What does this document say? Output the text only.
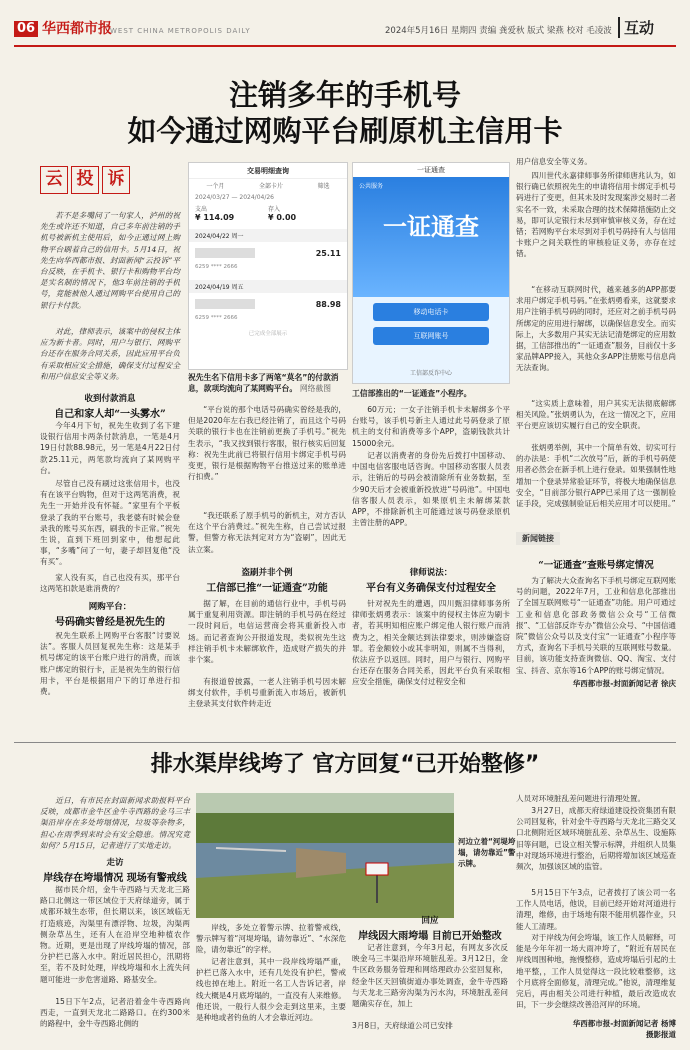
06 华西都市报
WEST CHINA METROPOLIS DAILY	2024年5月16日 星期四 责编 龚爱秋 版式 梁燕 校对 毛凌波 互动
注销多年的手机号
如今通过网购平台刷原机主信用卡
云 投 诉
若不是多嘴问了一句家人，泸州的祝先生或许还不知道，自己多年前注销的手机号被新机主使用后，如今正通过网上购物平台刷着自己的信用卡。5月14日，祝先生向华西都市报、封面新闻“云投诉”平台反映，在手机卡、银行卡和购物平台均是实名制的情况下，他3年前注销的手机号，竟能被他人通过网购平台使用自己的银行卡付款。
对此，律师表示，该案中的侵权主体应为新卡者。同时，用户与银行、网购平台还存在服务合同关系，因此应用平台负有采取相应安全措施，确保支付过程安全和用户信息安全等义务。
收到付款消息
自己和家人却“一头雾水”
今年4月下旬，祝先生收到了名下建设银行信用卡两条付款消息，一笔是4月19日付款88.98元，另一笔是4月22日付款25.11元，两笔款均流向了某网购平台。
尽管自己没有刷过这张信用卡，也没有在该平台购物，但对于这两笔消费，祝先生一开始并没有怀疑。“家里有个平板登录了我的平台账号，我老婆有时候会登录我的账号买东西，刷我的卡正常。”祝先生说，直到下班回到家中，他想起此事，“多嘴”问了一句，妻子却回复他“没有买”。
家人没有买，自己也没有买，那平台这两笔扣款是谁消费的？
网购平台：
号码确实曾经是祝先生的
祝先生联系上网购平台客服“讨要说法”。客服人员回复祝先生称：这是某手机号绑定的该平台账户进行的消费，而该账户绑定的银行卡，正是祝先生的银行信用卡，平台是根据用户下的订单进行扣费。
交易明细查询
一个月	全部卡片	筛选
2024/03/27 — 2024/04/26
支出
¥ 114.09
存入
¥ 0.00
2024/04/22 周一
25.11
6259 **** 2666
2024/04/19 周五
88.98
6259 **** 2666
已完成全部展示
祝先生名下信用卡多了两笔“莫名”的付款消息，款项均流向了某网购平台。 网络截图
一证通查
公共服务
一证通查
移动电话卡
互联网账号
工信部反诈中心
工信部推出的“一证通查”小程序。
“平台说的那个电话号码确实曾经是我的，但是2020年左右我已经注销了，而且这个号码关联的银行卡也在注销前更换了手机号。”祝先生表示，“我又找到银行客服，银行核实后回复称：祝先生此前已将银行信用卡绑定手机号码变更，银行是根据购物平台推送过来的账单进行扣费。”
“我还联系了原手机号的新机主，对方否认在这个平台消费过。”祝先生称，自己尝试过报警，但警方称无法判定对方为“盗刷”，因此无法立案。
盗刷并非个例
工信部已推“一证通查”功能
据了解，在目前的通信行业中，手机号码属于重复利用资源。即注销的手机号码在经过一段时间后，电信运营商会将其重新投入市场。而记者查询公开报道发现，类似祝先生这样注销手机卡未解绑软件，造成财产损失的并非个案。
有报道曾披露，一老人注销手机号因未解绑支付软件，手机号重新流入市场后，被新机主登录其支付软件转走近
60万元；一女子注销手机卡未解绑多个平台账号，该手机号新主人通过此号码登录了原机主的支付和消费等多个APP，盗刷钱款共计15000余元。
记者以消费者的身份先后拨打中国移动、中国电信客服电话咨询。中国移动客服人员表示，注销后的号码会被清除所有业务数据，至少90天后才会被重新投放进“号码池”。中国电信客服人员表示，如果原机主未解绑某款APP，不排除新机主可能通过该号码登录原机主曾注册的APP。
律师说法：
平台有义务确保支付过程安全
针对祝先生的遭遇，四川甄汨律师事务所律师张炳勇表示：该案中的侵权主体应为刷卡者，若其明知相应账户绑定他人银行账户而消费为之，相关金额达到法律要求，则涉嫌盗窃罪。若金额较小或其非明知，则属不当得利，依法应予以返回。同时，用户与银行、网购平台还存在服务合同关系，因此平台负有采取相应安全措施，确保支付过程安全和
用户信息安全等义务。
四川世代永嘉律师事务所律师唐兆认为，如银行确已依照祝先生的申请将信用卡绑定手机号码进行了变更，但其未及时发现案涉交易时二者实名不一致，未采取合理的技术保障措施防止交易，即可认定银行未尽到审慎审核义务，存在过错；若网购平台未尽到对手机号码持有人与信用卡账户之间关联性的审核验证义务，亦存在过错。
“在移动互联网时代，越来越多的APP都要求用户绑定手机号码。”在张炳勇看来，这就要求用户注销手机号码的同时，还应对之前手机号码所绑定的应用进行解绑，以确保信息安全。而实际上，大多数用户其实无法记清楚绑定的应用数据，工信部推出的“一证通查”服务，目前仅十多家品牌APP接入，其他众多APP注册账号信息尚无法查询。
“这实质上意味着，用户其实无法彻底解绑相关风险。”张炳勇认为，在这一情况之下，应用平台更应该切实履行自己的安全职责。
张炳勇举例，其中一个简单有效、切实可行的办法是：手机“二次放号”后，新的手机号码使用者必然会在新手机上进行登录。如果强制性地增加一个登录异常验证环节，将极大地确保信息安全，“目前部分银行APP已采用了这一强制验证手段，完成强制验证后相关应用才可以使用。”
新闻链接
“一证通查”查账号绑定情况
为了解决大众查询名下手机号绑定互联网账号的问题，2022年7月，工业和信息化部推出了全国互联网账号“一证通查”功能。用户可通过工业和信息化部政务微信公众号“工信微报”、“工信部反诈专办”微信公众号、“中国信通院”微信公众号以及支付宝“一证通查”小程序等方式，查询名下手机号关联的互联网账号数量。目前，该功能支持查询微信、QQ、淘宝、支付宝、抖音、京东等16个APP的账号绑定情况。
华西都市报-封面新闻记者 徐庆
排水渠岸线垮了 官方回复“已开始整修”
近日，有市民在封面新闻求助报料平台反映，成都市金牛区金牛寺西路的金马三丰渠沿岸存在多处垮塌情况，垃圾等杂物多，担心在雨季到来时会有安全隐患。情况究竟如何？5月15日，记者进行了实地走访。
走访
岸线存在垮塌情况 现场有警戒线
据市民介绍，金牛寺西路与天龙北三路路口北侧这一带区域位于天府绿道旁，属于成都环城生态带，但长期以来，该区域临无打造痕迹，沟渠里有漂浮物、垃圾，沟渠两侧杂草丛生，还有人在沿岸空地种植农作物。近期，更是出现了岸线垮塌的情况，部分护栏已落入水中。附近居民担心，汛期将至，若不及时处理，岸线垮塌和水上流失问题可能进一步危害道路、路基安全。
15日下午2点，记者沿着金牛寺西路向西走，一直到天龙北二路路口。在约300米的路程中，金牛寺西路北侧的
河边立着“河堤垮塌，请勿靠近”警示牌。
岸线，多处立着警示牌、拉着警戒线，警示牌写着“河堤垮塌，请勿靠近”、“水深危险，请勿靠近”的字样。
记者注意到，其中一段岸线垮塌严重，护栏已落入水中，还有几处没有护栏，警戒线也掉在地上。附近一名工人告诉记者，岸线大概是4月底垮塌的，一直没有人来维修。他还说，一般行人很少会走到这里来，主要是种地或者钓鱼的人才会靠近河边。
回应
岸线因大雨垮塌 目前已开始整改
记者注意到，今年3月起，有网友多次反映金马三丰渠沿岸环境脏乱差。3月12日，金牛区政务服务管理和网络理政办公室回复称，经金牛区天回镇街道办事处调查，金牛寺西路与天龙北三路旁沟渠为污水沟，环境脏乱差问题确实存在，加上
3月8日，天府绿道公司已安排
人员对环境脏乱差问题进行清理处置。
3月27日，成都天府绿道建设投资集团有限公司回复称，针对金牛寺西路与天龙北三路交叉口北侧附近区域环境脏乱差、杂草丛生、设施陈旧等问题，已设立相关警示标牌，并组织人员集中对现场环境进行整治，后期将增加该区域巡查频次，加强该区域的监管。
5月15日下午3点，记者拨打了该公司一名工作人员电话，他说，目前已经开始对河道进行清理，维修，由于场地有限不能用机器作业，只能人工清理。
对于岸线为何会垮塌，该工作人员解释，可能是今年年初一场大雨冲垮了，“附近有居民在岸线周围种地，拖慢整修，造成垮塌后引起的土地平整，，工作人员觉得这一段比较难整修，这个月底将全面修复，清理完成。”他说，清理维复完后，再由相关公司进行种植，最后改造成农田，下一步会继续改善沿河岸的环境。
华西都市报-封面新闻记者 杨博
摄影报道
